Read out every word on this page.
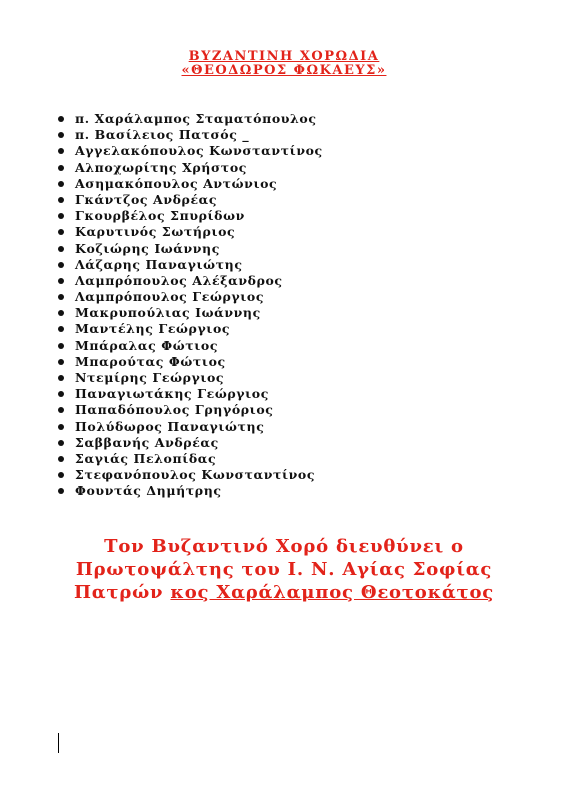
ΒΥΖΑΝΤΙΝΗ ΧΟΡΩΔΙΑ
«ΘΕΟΔΩΡΟΣ ΦΩΚΑΕΥΣ»
π. Χαράλαμπος Σταματόπουλος
π. Βασίλειος Πατσός _
Αγγελακόπουλος Κωνσταντίνος
Αλποχωρίτης Χρήστος
Ασημακόπουλος Αντώνιος
Γκάντζος Ανδρέας
Γκουρβέλος Σπυρίδων
Καρυτινός Σωτήριος
Κοζιώρης Ιωάννης
Λάζαρης Παναγιώτης
Λαμπρόπουλος Αλέξανδρος
Λαμπρόπουλος Γεώργιος
Μακρυπούλιας Ιωάννης
Μαντέλης Γεώργιος
Μπάραλας Φώτιος
Μπαρούτας Φώτιος
Ντεμίρης Γεώργιος
Παναγιωτάκης Γεώργιος
Παπαδόπουλος Γρηγόριος
Πολύδωρος Παναγιώτης
Σαββανής Ανδρέας
Σαγιάς Πελοπίδας
Στεφανόπουλος Κωνσταντίνος
Φουντάς Δημήτρης
Τον Βυζαντινό Χορό διευθύνει ο
Πρωτοψάλτης του Ι. Ν. Αγίας Σοφίας
Πατρών κος Χαράλαμπος Θεοτοκάτος
